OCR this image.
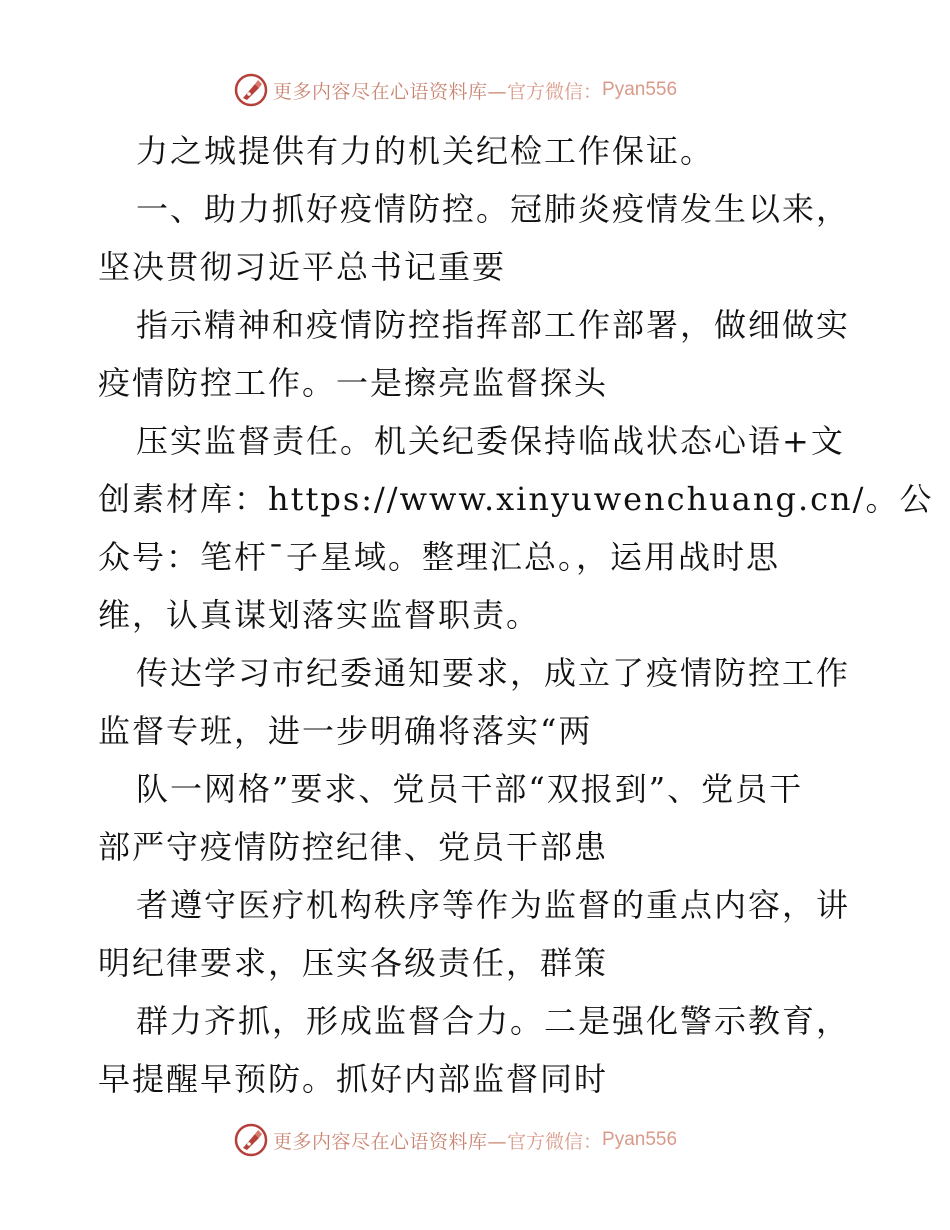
更多内容尽在心语资料库— 官方微信： Pyan556
力之城提供有力的机关纪检工作保证。
一、助力抓好疫情防控。冠肺炎疫情发生以来，
坚决贯彻习近平总书记重要
指示精神和疫情防控指挥部工作部署，做细做实
疫情防控工作。一是擦亮监督探头
压实监督责任。机关纪委保持临战状态心语+文
创素材库：https://www.xinyuwenchuang.cn/。公
众号：笔杆¯子星域。整理汇总。，运用战时思
维，认真谋划落实监督职责。
传达学习市纪委通知要求，成立了疫情防控工作
监督专班，进一步明确将落实“两
队一网格”要求、党员干部“双报到”、党员干
部严守疫情防控纪律、党员干部患
者遵守医疗机构秩序等作为监督的重点内容，讲
明纪律要求，压实各级责任，群策
群力齐抓，形成监督合力。二是强化警示教育，
早提醒早预防。抓好内部监督同时
更多内容尽在心语资料库— 官方微信： Pyan556
